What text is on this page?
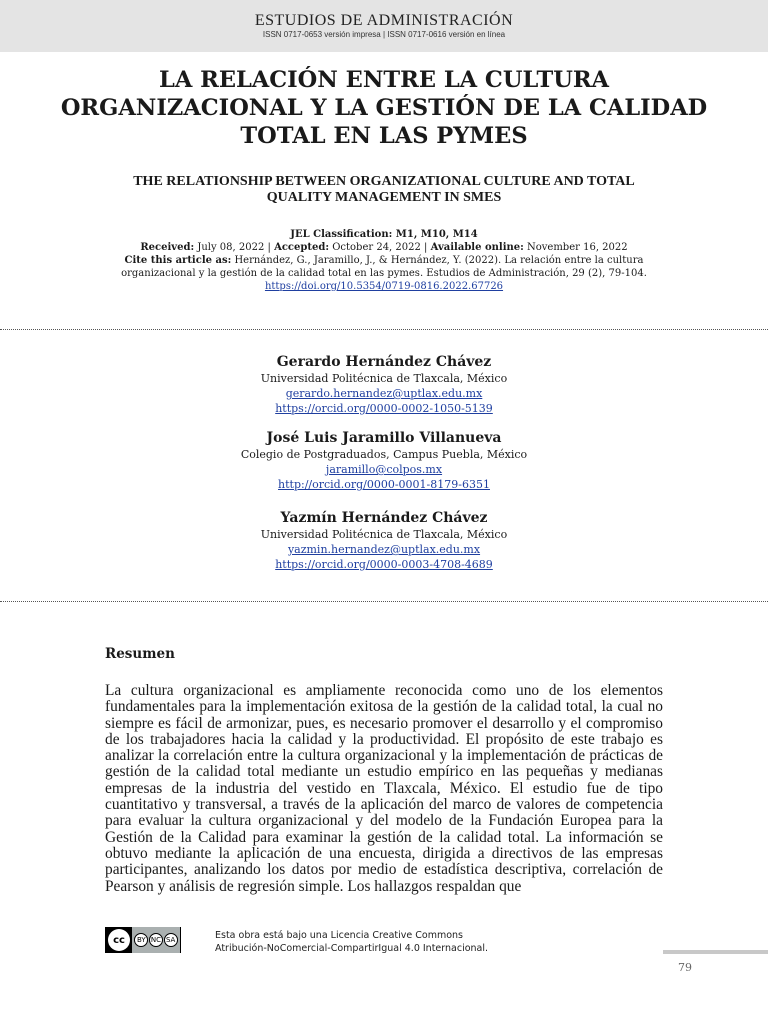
ESTUDIOS DE ADMINISTRACIÓN
ISSN 0717-0653 versión impresa | ISSN 0717-0616 versión en línea
LA RELACIÓN ENTRE LA CULTURA ORGANIZACIONAL Y LA GESTIÓN DE LA CALIDAD TOTAL EN LAS PYMES
THE RELATIONSHIP BETWEEN ORGANIZATIONAL CULTURE AND TOTAL QUALITY MANAGEMENT IN SMES
JEL Classification: M1, M10, M14
Received: July 08, 2022 | Accepted: October 24, 2022 | Available online: November 16, 2022
Cite this article as: Hernández, G., Jaramillo, J., & Hernández, Y. (2022). La relación entre la cultura organizacional y la gestión de la calidad total en las pymes. Estudios de Administración, 29 (2), 79-104.
https://doi.org/10.5354/0719-0816.2022.67726
Gerardo Hernández Chávez
Universidad Politécnica de Tlaxcala, México
gerardo.hernandez@uptlax.edu.mx
https://orcid.org/0000-0002-1050-5139
José Luis Jaramillo Villanueva
Colegio de Postgraduados, Campus Puebla, México
jaramillo@colpos.mx
http://orcid.org/0000-0001-8179-6351
Yazmín Hernández Chávez
Universidad Politécnica de Tlaxcala, México
yazmin.hernandez@uptlax.edu.mx
https://orcid.org/0000-0003-4708-4689
Resumen
La cultura organizacional es ampliamente reconocida como uno de los elementos fundamentales para la implementación exitosa de la gestión de la calidad total, la cual no siempre es fácil de armonizar, pues, es necesario promover el desarrollo y el compromiso de los trabajadores hacia la calidad y la productividad. El propósito de este trabajo es analizar la correlación entre la cultura organizacional y la implementación de prácticas de gestión de la calidad total mediante un estudio empírico en las pequeñas y medianas empresas de la industria del vestido en Tlaxcala, México. El estudio fue de tipo cuantitativo y transversal, a través de la aplicación del marco de valores de competencia para evaluar la cultura organizacional y del modelo de la Fundación Europea para la Gestión de la Calidad para examinar la gestión de la calidad total. La información se obtuvo mediante la aplicación de una encuesta, dirigida a directivos de las empresas participantes, analizando los datos por medio de estadística descriptiva, correlación de Pearson y análisis de regresión simple. Los hallazgos respaldan que
cc	BY NC SA	Esta obra está bajo una Licencia Creative Commons
Atribución-NoComercial-CompartirIgual 4.0 Internacional.
79
